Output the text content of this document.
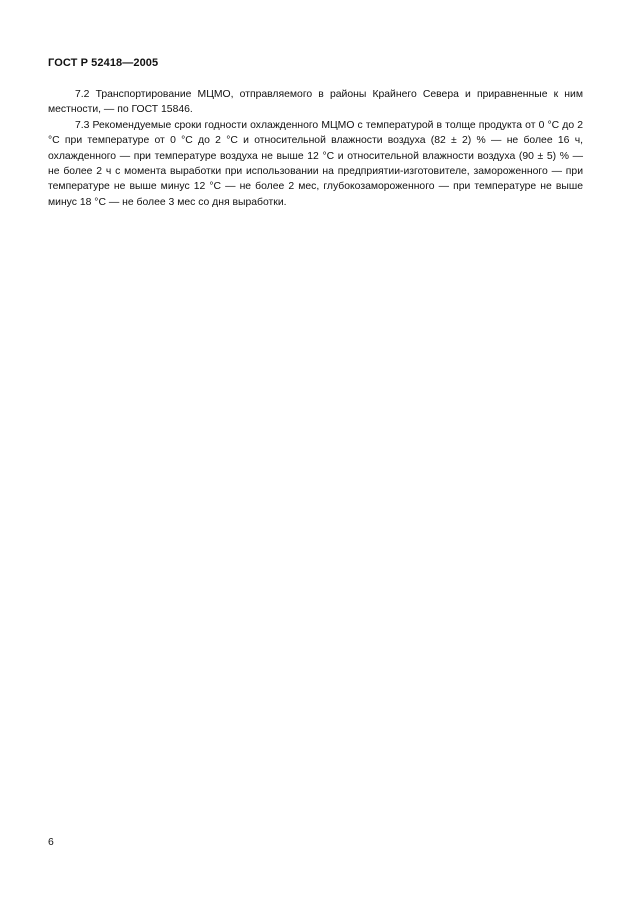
ГОСТ Р 52418—2005

7.2 Транспортирование МЦМО, отправляемого в районы Крайнего Севера и приравненные к ним местности, — по ГОСТ 15846.

7.3 Рекомендуемые сроки годности охлажденного МЦМО с температурой в толще продукта от 0 °С до 2 °С при температуре от 0 °С до 2 °С и относительной влажности воздуха (82 ± 2) % — не более 16 ч, охлажденного — при температуре воздуха не выше 12 °С и относительной влажности воздуха (90 ± 5) % — не более 2 ч с момента выработки при использовании на предприятии-изготовителе, замороженного — при температуре не выше минус 12 °С — не более 2 мес, глубокозамороженного — при температуре не выше минус 18 °С — не более 3 мес со дня выработки.

6
